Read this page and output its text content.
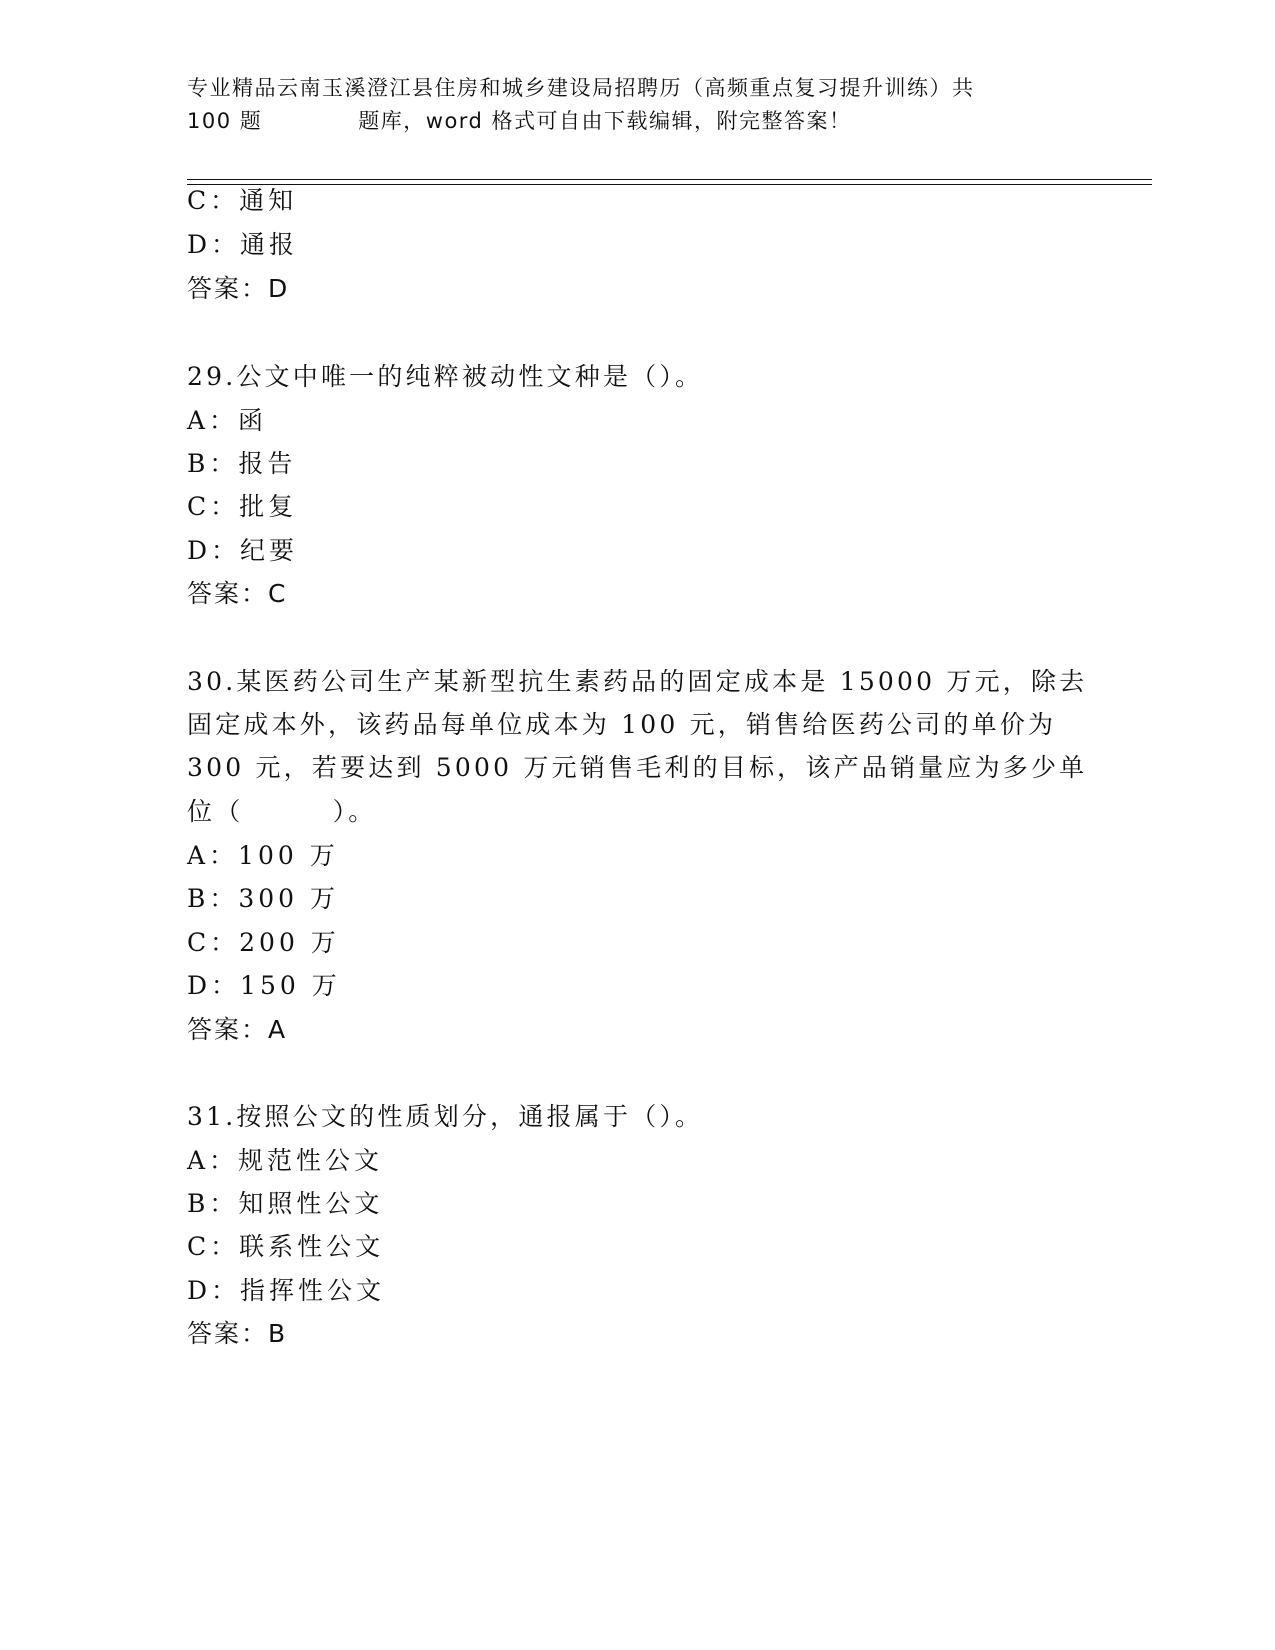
专业精品云南玉溪澄江县住房和城乡建设局招聘历（高频重点复习提升训练）共
100 题	题库，word 格式可自由下载编辑，附完整答案！
C：通知
D：通报
答案：D
29.公文中唯一的纯粹被动性文种是（）。
A：函
B：报告
C：批复
D：纪要
答案：C
30.某医药公司生产某新型抗生素药品的固定成本是 15000 万元，除去
固定成本外，该药品每单位成本为 100 元，销售给医药公司的单价为
300 元，若要达到 5000 万元销售毛利的目标，该产品销量应为多少单
位（        ）。
A：100 万
B：300 万
C：200 万
D：150 万
答案：A
31.按照公文的性质划分，通报属于（）。
A：规范性公文
B：知照性公文
C：联系性公文
D：指挥性公文
答案：B
